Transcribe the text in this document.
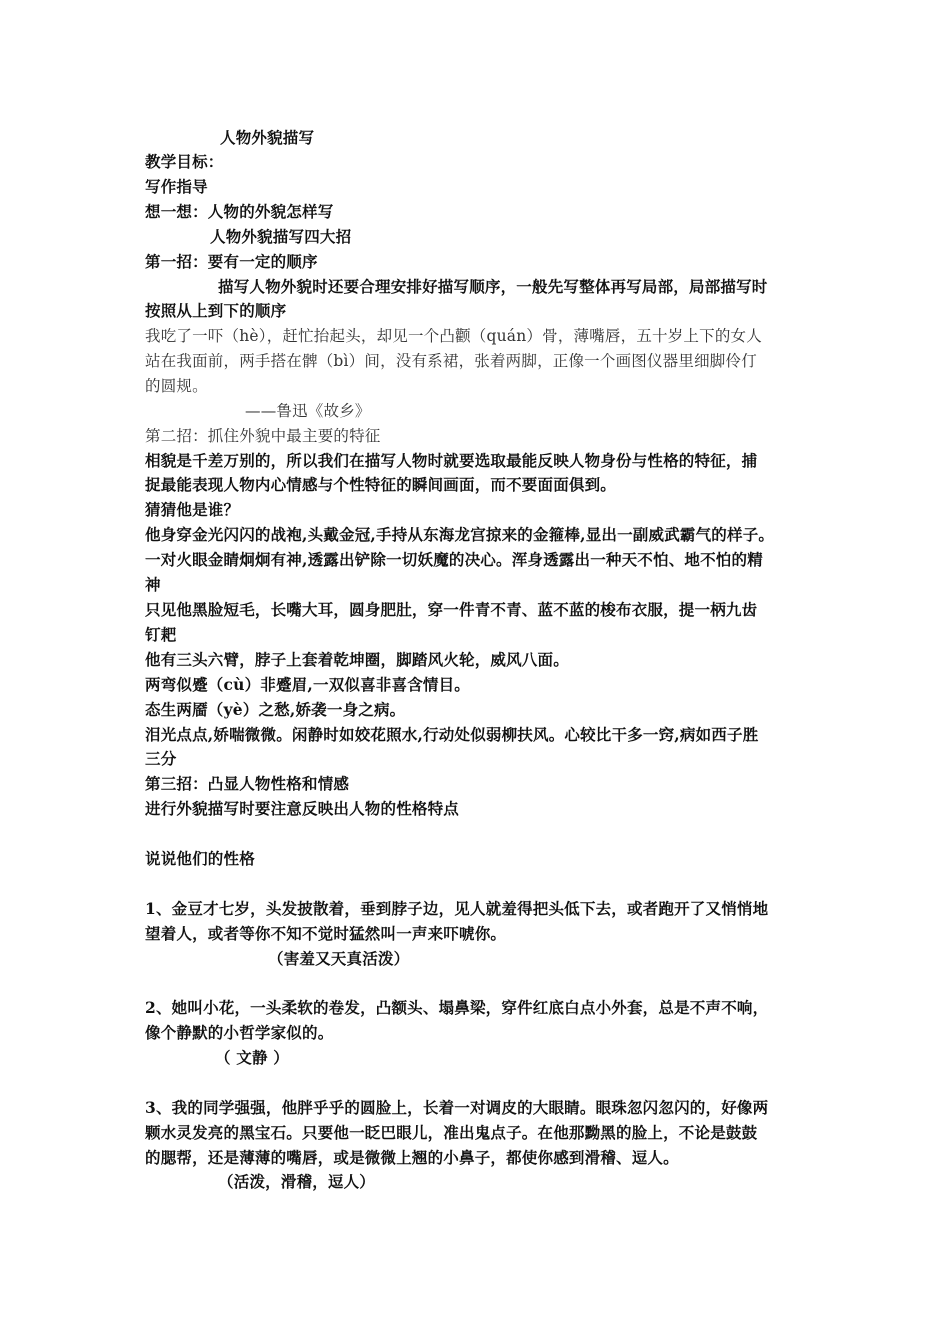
人物外貌描写
教学目标：
写作指导
想一想：人物的外貌怎样写
人物外貌描写四大招
第一招：要有一定的顺序
描写人物外貌时还要合理安排好描写顺序，一般先写整体再写局部，局部描写时
按照从上到下的顺序
我吃了一吓（hè），赶忙抬起头，却见一个凸颧（quán）骨，薄嘴唇，五十岁上下的女人
站在我面前，两手搭在髀（bì）间，没有系裙，张着两脚，正像一个画图仪器里细脚伶仃
的圆规。
——鲁迅《故乡》
第二招：抓住外貌中最主要的特征
相貌是千差万别的，所以我们在描写人物时就要选取最能反映人物身份与性格的特征，捕
捉最能表现人物内心情感与个性特征的瞬间画面，而不要面面俱到。
猜猜他是谁？
他身穿金光闪闪的战袍,头戴金冠,手持从东海龙宫掠来的金箍棒,显出一副威武霸气的样子。
一对火眼金睛炯炯有神,透露出铲除一切妖魔的决心。浑身透露出一种天不怕、地不怕的精
神
只见他黑脸短毛，长嘴大耳，圆身肥肚，穿一件青不青、蓝不蓝的梭布衣服，提一柄九齿
钉耙
他有三头六臂，脖子上套着乾坤圈，脚踏风火轮，威风八面。
两弯似蹙（cù）非蹙眉,一双似喜非喜含情目。
态生两靥（yè）之愁,娇袭一身之病。
泪光点点,娇喘微微。闲静时如姣花照水,行动处似弱柳扶风。心较比干多一窍,病如西子胜
三分
第三招：凸显人物性格和情感
进行外貌描写时要注意反映出人物的性格特点
说说他们的性格
1、金豆才七岁，头发披散着，垂到脖子边，见人就羞得把头低下去，或者跑开了又悄悄地
望着人，或者等你不知不觉时猛然叫一声来吓唬你。
（害羞又天真活泼）
2、她叫小花，一头柔软的卷发，凸额头、塌鼻梁，穿件红底白点小外套，总是不声不响，
像个静默的小哲学家似的。
（ 文静 ）
3、我的同学强强，他胖乎乎的圆脸上，长着一对调皮的大眼睛。眼珠忽闪忽闪的，好像两
颗水灵发亮的黑宝石。只要他一眨巴眼儿，准出鬼点子。在他那黝黑的脸上，不论是鼓鼓
的腮帮，还是薄薄的嘴唇，或是微微上翘的小鼻子，都使你感到滑稽、逗人。
（活泼，滑稽，逗人）
